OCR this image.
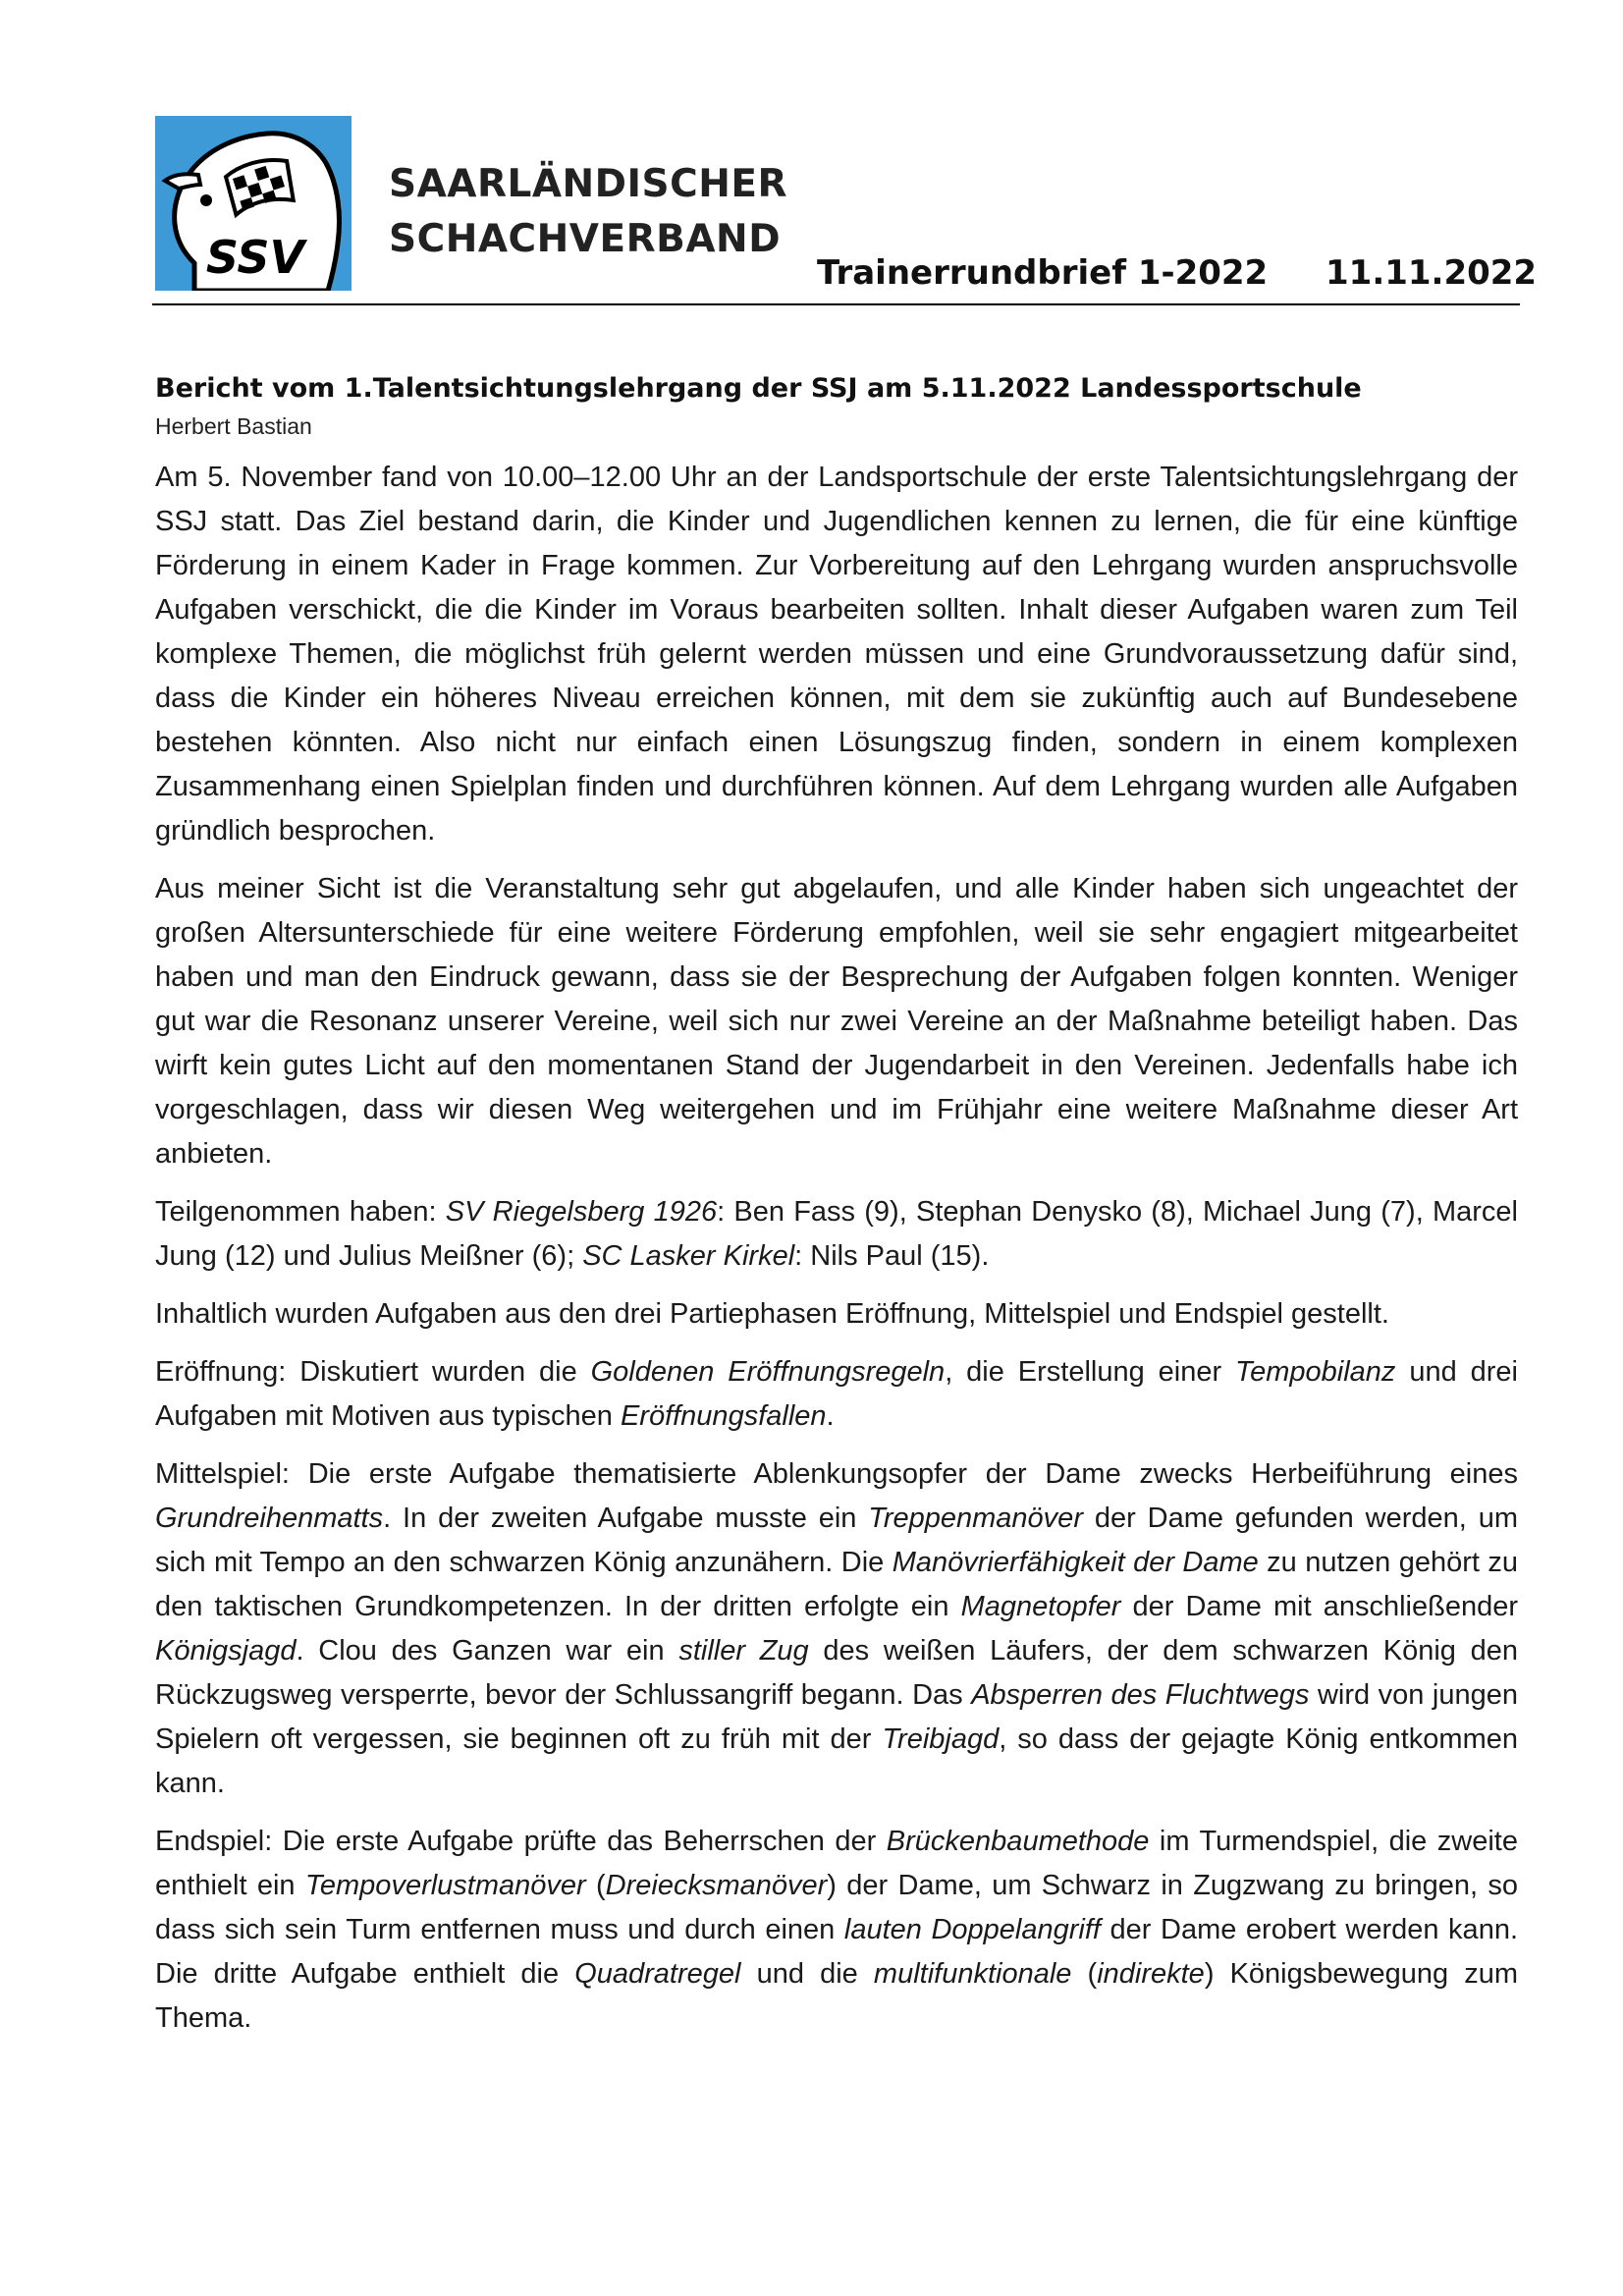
SSV
SAARLÄNDISCHER
SCHACHVERBAND
Trainerrundbrief 1-2022 11.11.2022
Bericht vom 1.Talentsichtungslehrgang der SSJ am 5.11.2022 Landessportschule
Herbert Bastian

Am 5. November fand von 10.00–12.00 Uhr an der Landsportschule der erste Talentsichtungslehrgang der SSJ statt. Das Ziel bestand darin, die Kinder und Jugendlichen kennen zu lernen, die für eine künftige Förderung in einem Kader in Frage kommen. Zur Vorbereitung auf den Lehrgang wurden anspruchsvolle Aufgaben verschickt, die die Kinder im Voraus bearbeiten sollten. Inhalt dieser Aufgaben waren zum Teil komplexe Themen, die möglichst früh gelernt werden müssen und eine Grundvoraussetzung dafür sind, dass die Kinder ein höheres Niveau erreichen können, mit dem sie zukünftig auch auf Bundesebene bestehen könnten. Also nicht nur einfach einen Lösungszug finden, sondern in einem komplexen Zusammenhang einen Spielplan finden und durchführen können. Auf dem Lehrgang wurden alle Aufgaben gründlich besprochen.

Aus meiner Sicht ist die Veranstaltung sehr gut abgelaufen, und alle Kinder haben sich ungeachtet der großen Altersunterschiede für eine weitere Förderung empfohlen, weil sie sehr engagiert mitgearbeitet haben und man den Eindruck gewann, dass sie der Besprechung der Aufgaben folgen konnten. Weniger gut war die Resonanz unserer Vereine, weil sich nur zwei Vereine an der Maßnahme beteiligt haben. Das wirft kein gutes Licht auf den momentanen Stand der Jugendarbeit in den Vereinen. Jedenfalls habe ich vorgeschlagen, dass wir diesen Weg weitergehen und im Frühjahr eine weitere Maßnahme dieser Art anbieten.

Teilgenommen haben: SV Riegelsberg 1926: Ben Fass (9), Stephan Denysko (8), Michael Jung (7), Marcel Jung (12) und Julius Meißner (6); SC Lasker Kirkel: Nils Paul (15).

Inhaltlich wurden Aufgaben aus den drei Partiephasen Eröffnung, Mittelspiel und Endspiel gestellt.

Eröffnung: Diskutiert wurden die Goldenen Eröffnungsregeln, die Erstellung einer Tempobilanz und drei Aufgaben mit Motiven aus typischen Eröffnungsfallen.

Mittelspiel: Die erste Aufgabe thematisierte Ablenkungsopfer der Dame zwecks Herbeiführung eines Grundreihenmatts. In der zweiten Aufgabe musste ein Treppenmanöver der Dame gefunden werden, um sich mit Tempo an den schwarzen König anzunähern. Die Manövrierfähigkeit der Dame zu nutzen gehört zu den taktischen Grundkompetenzen. In der dritten erfolgte ein Magnetopfer der Dame mit anschließender Königsjagd. Clou des Ganzen war ein stiller Zug des weißen Läufers, der dem schwarzen König den Rückzugsweg versperrte, bevor der Schlussangriff begann. Das Absperren des Fluchtwegs wird von jungen Spielern oft vergessen, sie beginnen oft zu früh mit der Treibjagd, so dass der gejagte König entkommen kann.

Endspiel: Die erste Aufgabe prüfte das Beherrschen der Brückenbaumethode im Turmendspiel, die zweite enthielt ein Tempoverlustmanöver (Dreiecksmanöver) der Dame, um Schwarz in Zugzwang zu bringen, so dass sich sein Turm entfernen muss und durch einen lauten Doppelangriff der Dame erobert werden kann. Die dritte Aufgabe enthielt die Quadratregel und die multifunktionale (indirekte) Königsbewegung zum Thema.
